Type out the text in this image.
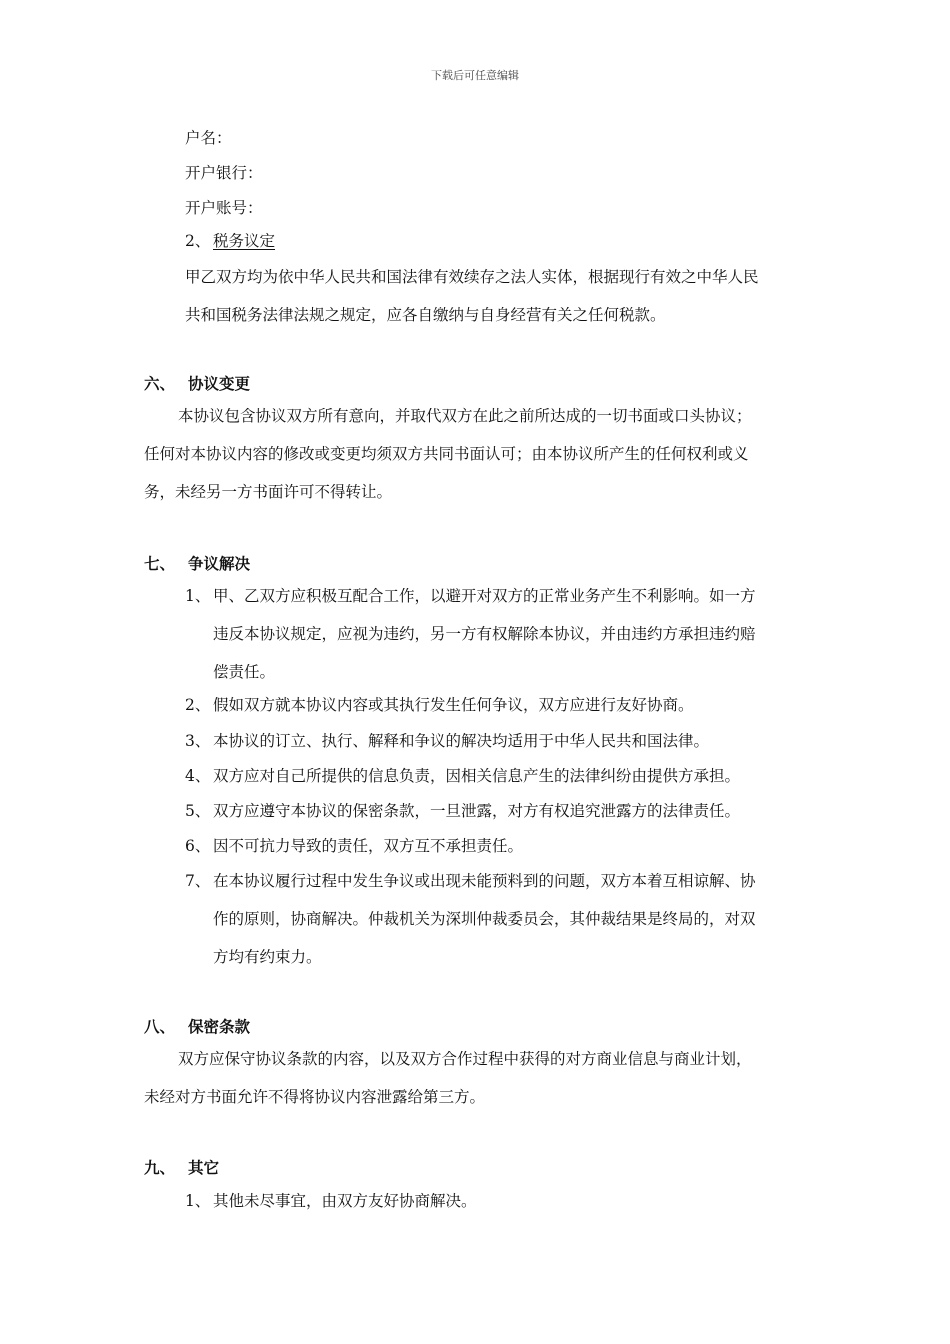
下载后可任意编辑
户名：
开户银行：
开户账号：
2、 税务议定
甲乙双方均为依中华人民共和国法律有效续存之法人实体，根据现行有效之中华人民
共和国税务法律法规之规定，应各自缴纳与自身经营有关之任何税款。
六、 协议变更
本协议包含协议双方所有意向，并取代双方在此之前所达成的一切书面或口头协议；
任何对本协议内容的修改或变更均须双方共同书面认可；由本协议所产生的任何权利或义
务，未经另一方书面许可不得转让。
七、 争议解决
1、 甲、乙双方应积极互配合工作，以避开对双方的正常业务产生不利影响。如一方
违反本协议规定，应视为违约，另一方有权解除本协议，并由违约方承担违约赔
偿责任。
2、 假如双方就本协议内容或其执行发生任何争议，双方应进行友好协商。
3、 本协议的订立、执行、解释和争议的解决均适用于中华人民共和国法律。
4、 双方应对自己所提供的信息负责，因相关信息产生的法律纠纷由提供方承担。
5、 双方应遵守本协议的保密条款，一旦泄露，对方有权追究泄露方的法律责任。
6、 因不可抗力导致的责任，双方互不承担责任。
7、 在本协议履行过程中发生争议或出现未能预料到的问题，双方本着互相谅解、协
作的原则，协商解决。仲裁机关为深圳仲裁委员会，其仲裁结果是终局的，对双
方均有约束力。
八、 保密条款
双方应保守协议条款的内容，以及双方合作过程中获得的对方商业信息与商业计划，
未经对方书面允许不得将协议内容泄露给第三方。
九、 其它
1、 其他未尽事宜，由双方友好协商解决。
